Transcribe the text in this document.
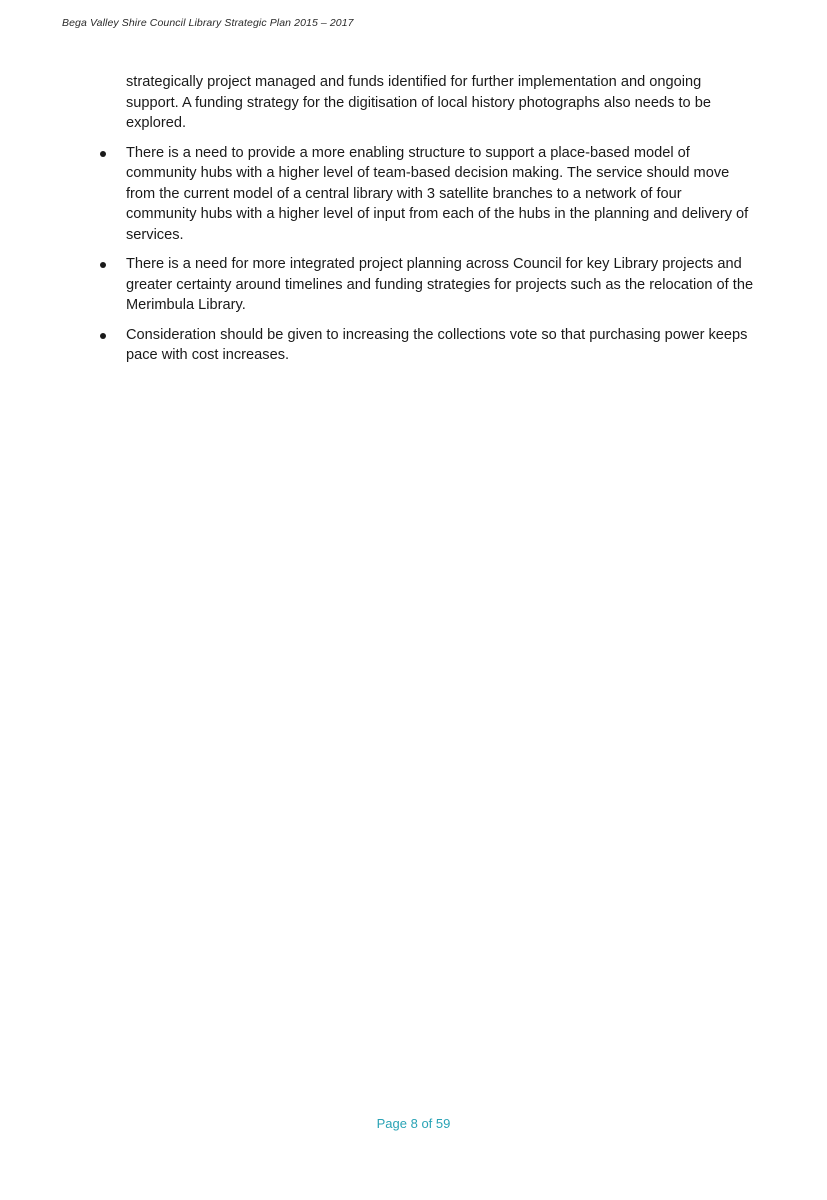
Bega Valley Shire Council Library Strategic Plan 2015 – 2017

strategically project managed and funds identified for further implementation and ongoing support. A funding strategy for the digitisation of local history photographs also needs to be explored.

There is a need to provide a more enabling structure to support a place-based model of community hubs with a higher level of team-based decision making. The service should move from the current model of a central library with 3 satellite branches to a network of four community hubs with a higher level of input from each of the hubs in the planning and delivery of services.
There is a need for more integrated project planning across Council for key Library projects and greater certainty around timelines and funding strategies for projects such as the relocation of the Merimbula Library.
Consideration should be given to increasing the collections vote so that purchasing power keeps pace with cost increases.
Page 8 of 59
